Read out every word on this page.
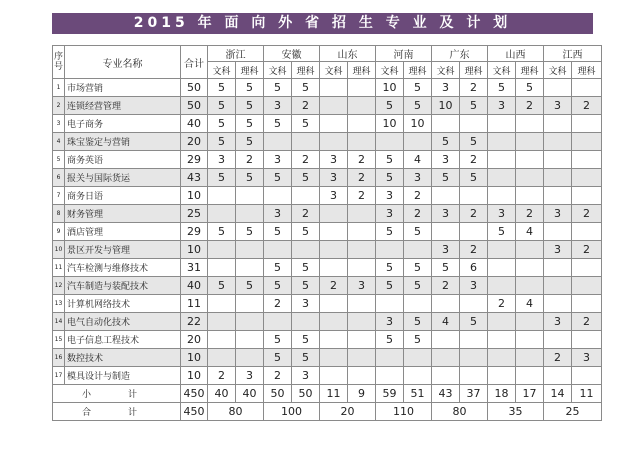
2015 年 面 向 外 省 招 生 专 业 及 计 划
序号	专业名称	合计	浙江		安徽		山东		河南		广东		山西		江西	
			文科	理科	文科	理科	文科	理科	文科	理科	文科	理科	文科	理科	文科	理科
1	市场营销	50	5	5	5	5			10	5	3	2	5	5		
2	连锁经营管理	50	5	5	3	2			5	5	10	5	3	2	3	2
3	电子商务	40	5	5	5	5			10	10						
4	珠宝鉴定与营销	20	5	5							5	5				
5	商务英语	29	3	2	3	2	3	2	5	4	3	2				
6	报关与国际货运	43	5	5	5	5	3	2	5	3	5	5				
7	商务日语	10					3	2	3	2						
8	财务管理	25			3	2			3	2	3	2	3	2	3	2
9	酒店管理	29	5	5	5	5			5	5			5	4		
10	景区开发与管理	10									3	2			3	2
11	汽车检测与维修技术	31			5	5			5	5	5	6				
12	汽车制造与装配技术	40	5	5	5	5	2	3	5	5	2	3				
13	计算机网络技术	11			2	3							2	4		
14	电气自动化技术	22							3	5	4	5			3	2
15	电子信息工程技术	20			5	5			5	5						
16	数控技术	10			5	5									2	3
17	模具设计与制造	10	2	3	2	3										
小　计		450	40	40	50	50	11	9	59	51	43	37	18	17	14	11
合　计		450	80		100		20		110		80		35		25	
